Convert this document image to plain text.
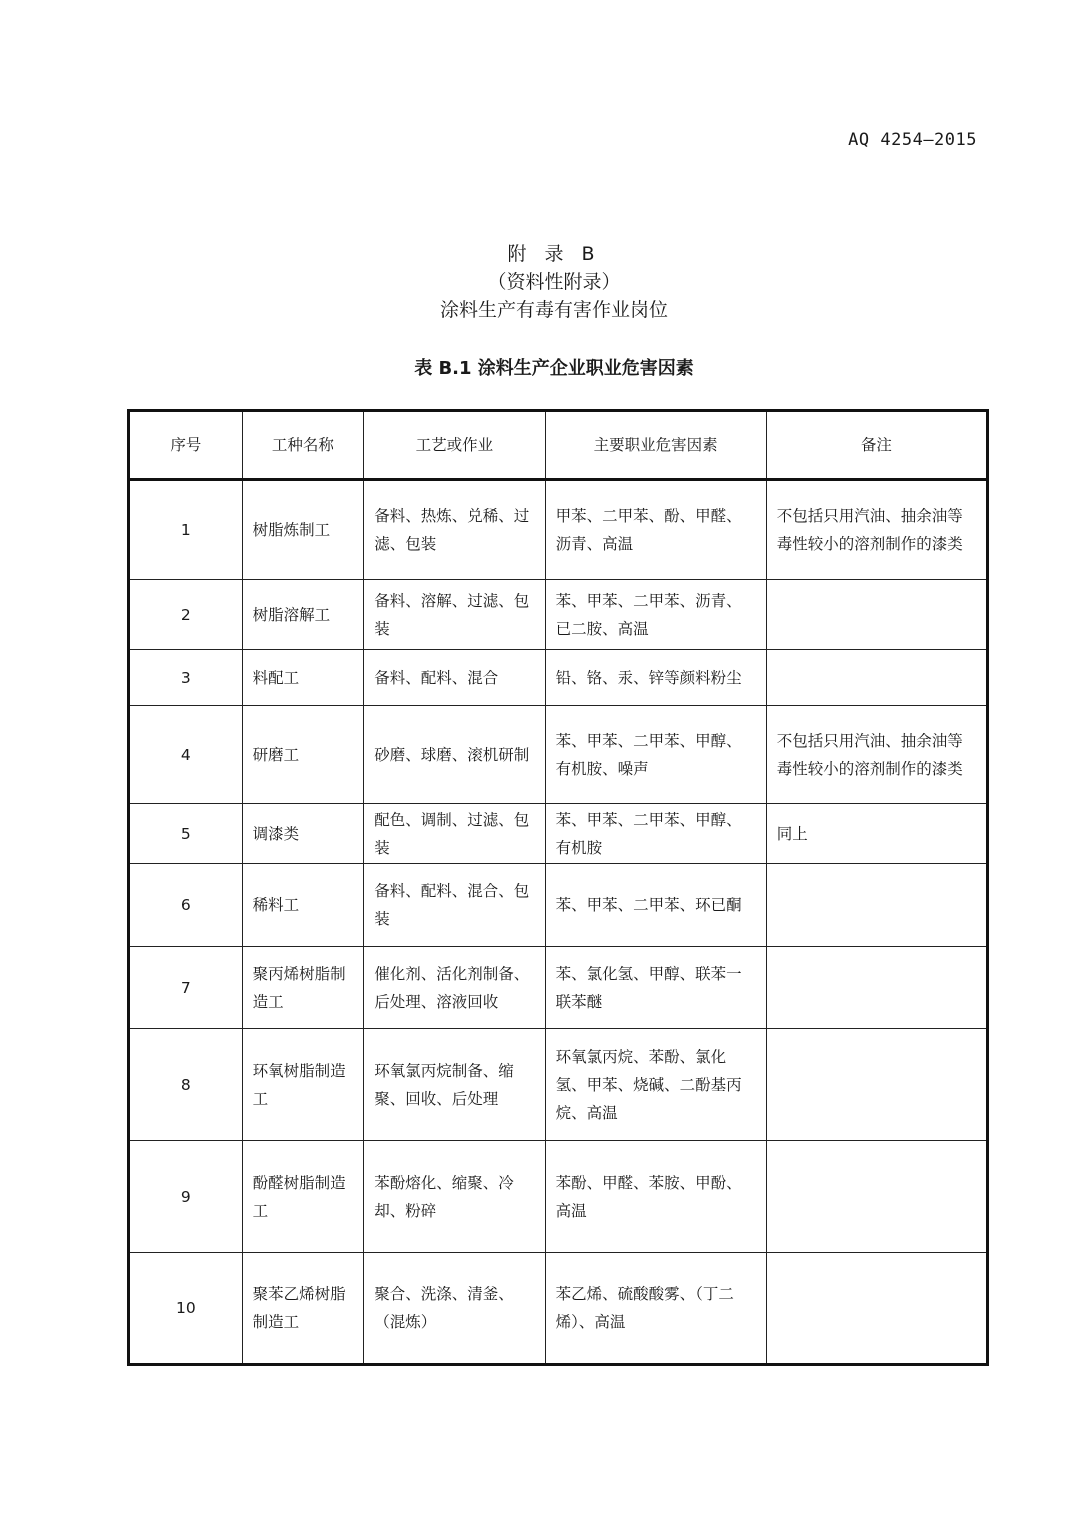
AQ 4254—2015
附 录 B
（资料性附录）
涂料生产有毒有害作业岗位
表 B.1 涂料生产企业职业危害因素
序号	工种名称	工艺或作业	主要职业危害因素	备注
1	树脂炼制工	备料、热炼、兑稀、过滤、包装	甲苯、二甲苯、酚、甲醛、沥青、高温	不包括只用汽油、抽余油等毒性较小的溶剂制作的漆类
2	树脂溶解工	备料、溶解、过滤、包装	苯、甲苯、二甲苯、沥青、已二胺、高温	
3	料配工	备料、配料、混合	铅、铬、汞、锌等颜料粉尘	
4	研磨工	砂磨、球磨、滚机研制	苯、甲苯、二甲苯、甲醇、有机胺、噪声	不包括只用汽油、抽余油等毒性较小的溶剂制作的漆类
5	调漆类	配色、调制、过滤、包装	苯、甲苯、二甲苯、甲醇、有机胺	同上
6	稀料工	备料、配料、混合、包装	苯、甲苯、二甲苯、环已酮	
7	聚丙烯树脂制造工	催化剂、活化剂制备、后处理、溶液回收	苯、氯化氢、甲醇、联苯一联苯醚	
8	环氧树脂制造工	环氧氯丙烷制备、缩聚、回收、后处理	环氧氯丙烷、苯酚、氯化氢、甲苯、烧碱、二酚基丙烷、高温	
9	酚醛树脂制造工	苯酚熔化、缩聚、冷却、粉碎	苯酚、甲醛、苯胺、甲酚、高温	
10	聚苯乙烯树脂制造工	聚合、洗涤、清釜、（混炼）	苯乙烯、硫酸酸雾、（丁二烯）、高温	
